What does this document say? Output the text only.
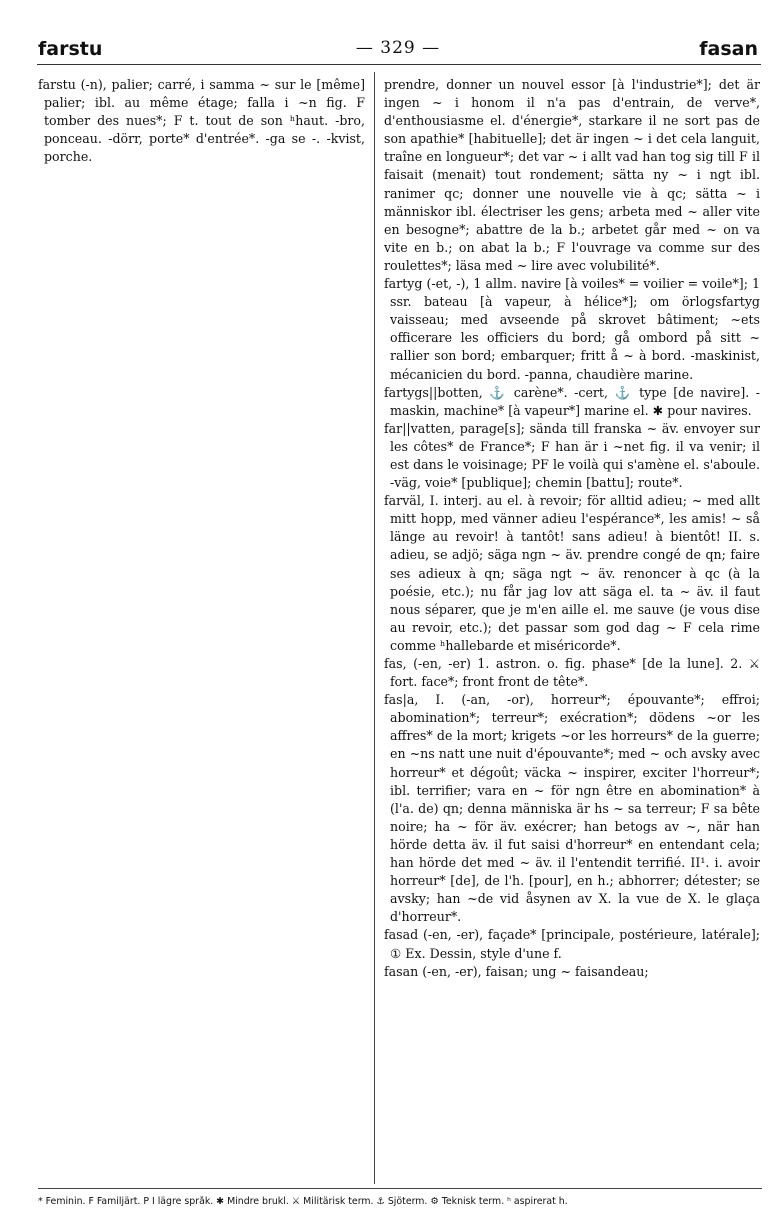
farstu	— 329 —	fasan

farstu (-n), palier; carré, i samma ~ sur le [même] palier; ibl. au même étage; falla i ~n fig. F tomber des nues*; F t. tout de son ʰhaut. -bro, ponceau. -dörr, porte* d'entrée*. -ga se -. -kvist, porche.

prendre, donner un nouvel essor [à l'industrie*]; det är ingen ~ i honom il n'a pas d'entrain, de verve*, d'enthousiasme el. d'énergie*, starkare il ne sort pas de son apathie* [habituelle]; det är ingen ~ i det cela languit, traîne en longueur*; det var ~ i allt vad han tog sig till F il faisait (menait) tout rondement; sätta ny ~ i ngt ibl. ranimer qc; donner une nouvelle vie à qc; sätta ~ i människor ibl. électriser les gens; arbeta med ~ aller vite en besogne*; abattre de la b.; arbetet går med ~ on va vite en b.; on abat la b.; F l'ouvrage va comme sur des roulettes*; läsa med ~ lire avec volubilité*.

fartyg (-et, -), 1 allm. navire [à voiles* = voilier = voile*]; 1 ssr. bateau [à vapeur, à hélice*]; om örlogsfartyg vaisseau; med avseende på skrovet bâtiment; ~ets officerare les officiers du bord; gå ombord på sitt ~ rallier son bord; embarquer; fritt å ~ à bord. -maskinist, mécanicien du bord. -panna, chaudière marine.

fartygs||botten, ⚓ carène*. -cert, ⚓ type [de navire]. -maskin, machine* [à vapeur*] marine el. ✱ pour navires.

far||vatten, parage[s]; sända till franska ~ äv. envoyer sur les côtes* de France*; F han är i ~net fig. il va venir; il est dans le voisinage; PF le voilà qui s'amène el. s'aboule. -väg, voie* [publique]; chemin [battu]; route*.

farväl, I. interj. au el. à revoir; för alltid adieu; ~ med allt mitt hopp, med vänner adieu l'espérance*, les amis! ~ så länge au revoir! à tantôt! sans adieu! à bientôt! II. s. adieu, se adjö; säga ngn ~ äv. prendre congé de qn; faire ses adieux à qn; säga ngt ~ äv. renoncer à qc (à la poésie, etc.); nu får jag lov att säga el. ta ~ äv. il faut nous séparer, que je m'en aille el. me sauve (je vous dise au revoir, etc.); det passar som god dag ~ F cela rime comme ʰhallebarde et miséricorde*.

fas, (-en, -er) 1. astron. o. fig. phase* [de la lune]. 2. ⚔ fort. face*; front front de tête*.

fas|a, I. (-an, -or), horreur*; épouvante*; effroi; abomination*; terreur*; exécration*; dödens ~or les affres* de la mort; krigets ~or les horreurs* de la guerre; en ~ns natt une nuit d'épouvante*; med ~ och avsky avec horreur* et dégoût; väcka ~ inspirer, exciter l'horreur*; ibl. terrifier; vara en ~ för ngn être en abomination* à (l'a. de) qn; denna människa är hs ~ sa terreur; F sa bête noire; ha ~ för äv. exécrer; han betogs av ~, när han hörde detta äv. il fut saisi d'horreur* en entendant cela; han hörde det med ~ äv. il l'entendit terrifié. II¹. i. avoir horreur* [de], de l'h. [pour], en h.; abhorrer; détester; se avsky; han ~de vid åsynen av X. la vue de X. le glaça d'horreur*.

fasad (-en, -er), façade* [principale, postérieure, latérale]; ① Ex. Dessin, style d'une f.

fasan (-en, -er), faisan; ung ~ faisandeau;

* Feminin. F Familjärt. P I lägre språk. ✱ Mindre brukl. ⚔ Militärisk term. ⚓ Sjöterm. ⚙ Teknisk term. ʰ aspirerat h.
